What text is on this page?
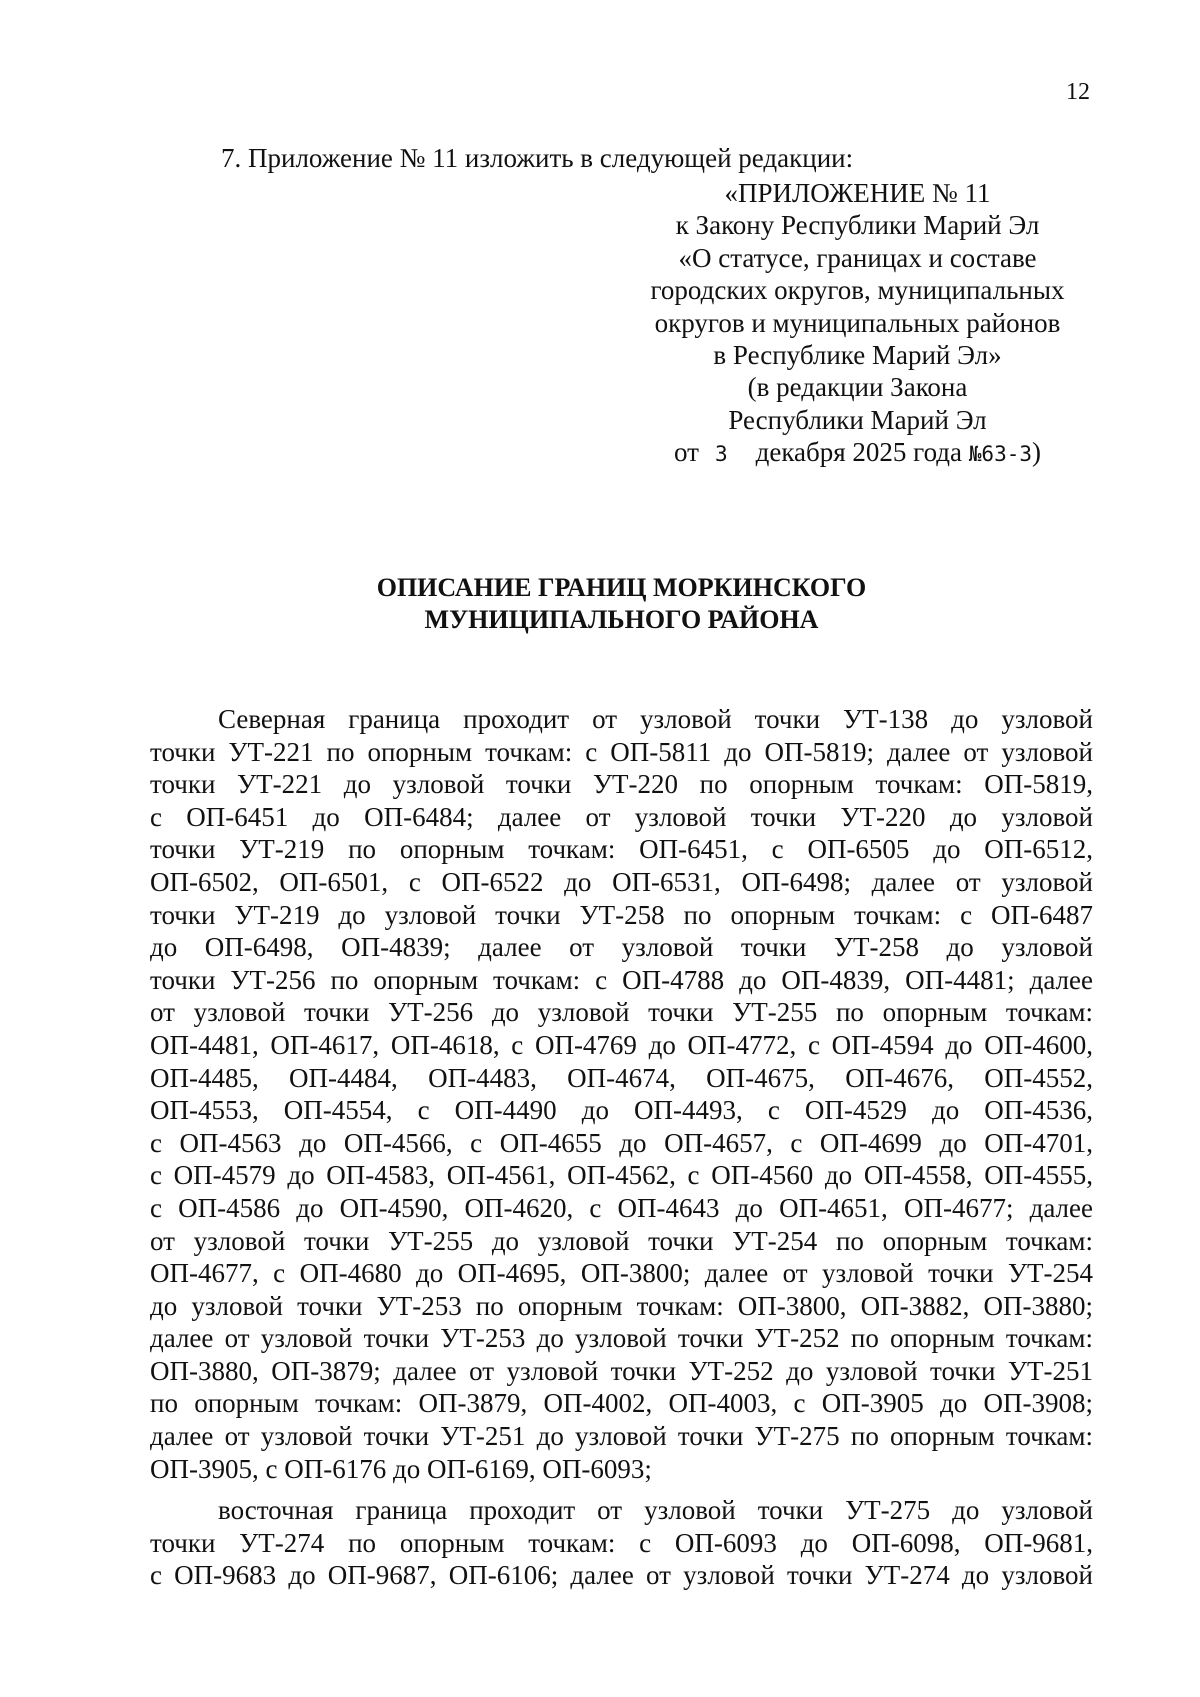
12
7. Приложение № 11 изложить в следующей редакции:
«ПРИЛОЖЕНИЕ № 11
к Закону Республики Марий Эл
«О статусе, границах и составе
городских округов, муниципальных
округов и муниципальных районов
в Республике Марий Эл»
(в редакции Закона
Республики Марий Эл
от 3 декабря 2025 года №63-З)
ОПИСАНИЕ ГРАНИЦ МОРКИНСКОГО
МУНИЦИПАЛЬНОГО РАЙОНА
Северная граница проходит от узловой точки УТ-138 до узловой
точки УТ-221 по опорным точкам: с ОП-5811 до ОП-5819; далее от узловой
точки УТ-221 до узловой точки УТ-220 по опорным точкам: ОП-5819,
с ОП-6451 до ОП-6484; далее от узловой точки УТ-220 до узловой
точки УТ-219 по опорным точкам: ОП-6451, с ОП-6505 до ОП-6512,
ОП-6502, ОП-6501, с ОП-6522 до ОП-6531, ОП-6498; далее от узловой
точки УТ-219 до узловой точки УТ-258 по опорным точкам: с ОП-6487
до ОП-6498, ОП-4839; далее от узловой точки УТ-258 до узловой
точки УТ-256 по опорным точкам: с ОП-4788 до ОП-4839, ОП-4481; далее
от узловой точки УТ-256 до узловой точки УТ-255 по опорным точкам:
ОП-4481, ОП-4617, ОП-4618, с ОП-4769 до ОП-4772, с ОП-4594 до ОП-4600,
ОП-4485, ОП-4484, ОП-4483, ОП-4674, ОП-4675, ОП-4676, ОП-4552,
ОП-4553, ОП-4554, с ОП-4490 до ОП-4493, с ОП-4529 до ОП-4536,
с ОП-4563 до ОП-4566, с ОП-4655 до ОП-4657, с ОП-4699 до ОП-4701,
с ОП-4579 до ОП-4583, ОП-4561, ОП-4562, с ОП-4560 до ОП-4558, ОП-4555,
с ОП-4586 до ОП-4590, ОП-4620, с ОП-4643 до ОП-4651, ОП-4677; далее
от узловой точки УТ-255 до узловой точки УТ-254 по опорным точкам:
ОП-4677, с ОП-4680 до ОП-4695, ОП-3800; далее от узловой точки УТ-254
до узловой точки УТ-253 по опорным точкам: ОП-3800, ОП-3882, ОП-3880;
далее от узловой точки УТ-253 до узловой точки УТ-252 по опорным точкам:
ОП-3880, ОП-3879; далее от узловой точки УТ-252 до узловой точки УТ-251
по опорным точкам: ОП-3879, ОП-4002, ОП-4003, с ОП-3905 до ОП-3908;
далее от узловой точки УТ-251 до узловой точки УТ-275 по опорным точкам:
ОП-3905, с ОП-6176 до ОП-6169, ОП-6093;
восточная граница проходит от узловой точки УТ-275 до узловой
точки УТ-274 по опорным точкам: с ОП-6093 до ОП-6098, ОП-9681,
с ОП-9683 до ОП-9687, ОП-6106; далее от узловой точки УТ-274 до узловой
